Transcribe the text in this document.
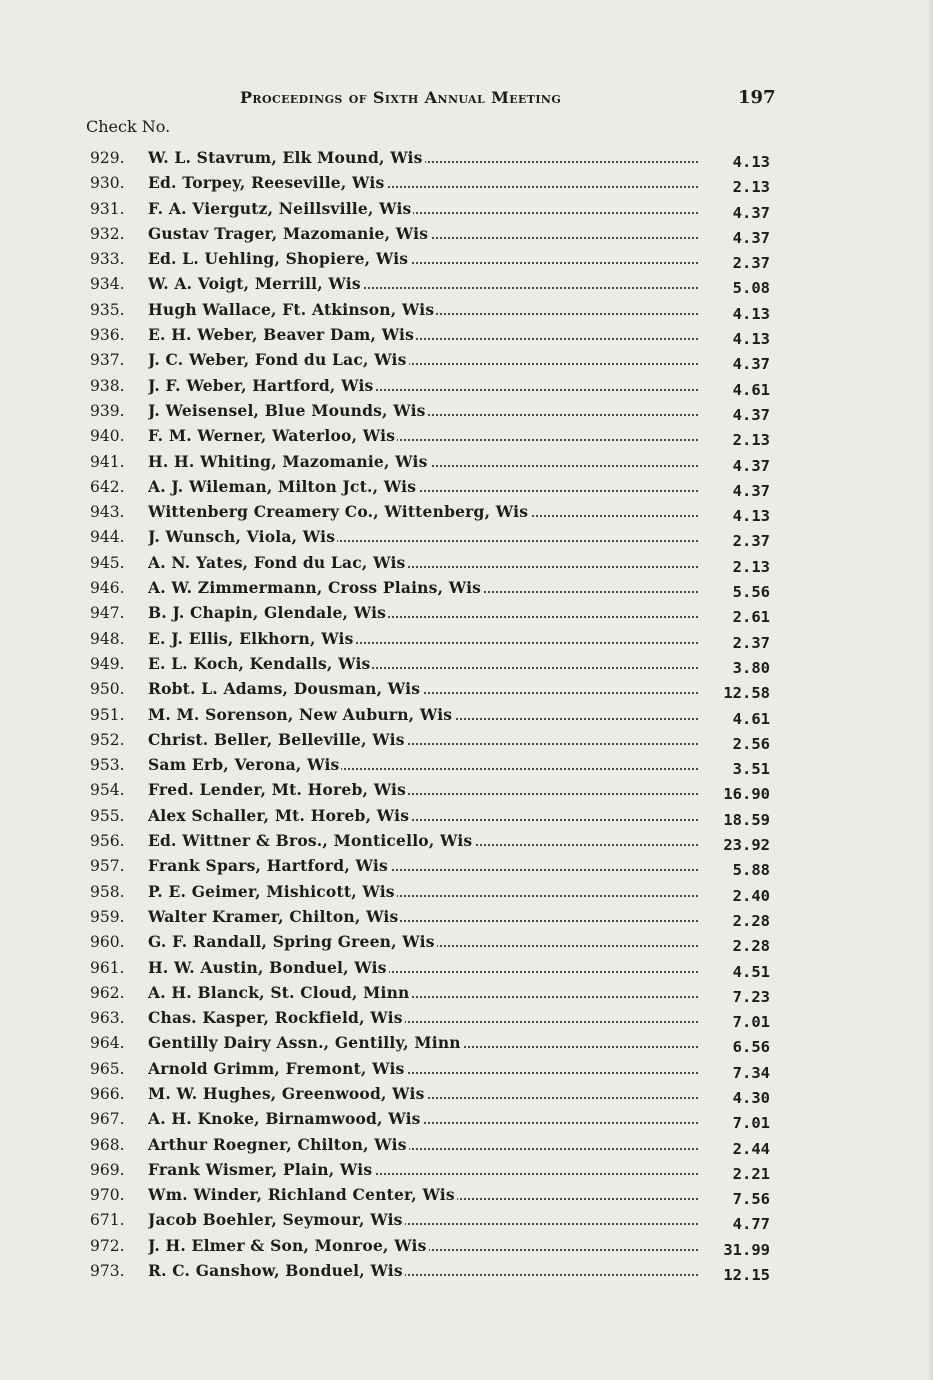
Proceedings of Sixth Annual Meeting	197
Check No.
929. W. L. Stavrum, Elk Mound, Wis	4.13
930. Ed. Torpey, Reeseville, Wis	2.13
931. F. A. Viergutz, Neillsville, Wis	4.37
932. Gustav Trager, Mazomanie, Wis	4.37
933. Ed. L. Uehling, Shopiere, Wis	2.37
934. W. A. Voigt, Merrill, Wis	5.08
935. Hugh Wallace, Ft. Atkinson, Wis	4.13
936. E. H. Weber, Beaver Dam, Wis	4.13
937. J. C. Weber, Fond du Lac, Wis	4.37
938. J. F. Weber, Hartford, Wis	4.61
939. J. Weisensel, Blue Mounds, Wis	4.37
940. F. M. Werner, Waterloo, Wis	2.13
941. H. H. Whiting, Mazomanie, Wis	4.37
642. A. J. Wileman, Milton Jct., Wis	4.37
943. Wittenberg Creamery Co., Wittenberg, Wis	4.13
944. J. Wunsch, Viola, Wis	2.37
945. A. N. Yates, Fond du Lac, Wis	2.13
946. A. W. Zimmermann, Cross Plains, Wis	5.56
947. B. J. Chapin, Glendale, Wis	2.61
948. E. J. Ellis, Elkhorn, Wis	2.37
949. E. L. Koch, Kendalls, Wis	3.80
950. Robt. L. Adams, Dousman, Wis	12.58
951. M. M. Sorenson, New Auburn, Wis	4.61
952. Christ. Beller, Belleville, Wis	2.56
953. Sam Erb, Verona, Wis	3.51
954. Fred. Lender, Mt. Horeb, Wis	16.90
955. Alex Schaller, Mt. Horeb, Wis	18.59
956. Ed. Wittner & Bros., Monticello, Wis	23.92
957. Frank Spars, Hartford, Wis	5.88
958. P. E. Geimer, Mishicott, Wis	2.40
959. Walter Kramer, Chilton, Wis	2.28
960. G. F. Randall, Spring Green, Wis	2.28
961. H. W. Austin, Bonduel, Wis	4.51
962. A. H. Blanck, St. Cloud, Minn	7.23
963. Chas. Kasper, Rockfield, Wis	7.01
964. Gentilly Dairy Assn., Gentilly, Minn	6.56
965. Arnold Grimm, Fremont, Wis	7.34
966. M. W. Hughes, Greenwood, Wis	4.30
967. A. H. Knoke, Birnamwood, Wis	7.01
968. Arthur Roegner, Chilton, Wis	2.44
969. Frank Wismer, Plain, Wis	2.21
970. Wm. Winder, Richland Center, Wis	7.56
671. Jacob Boehler, Seymour, Wis	4.77
972. J. H. Elmer & Son, Monroe, Wis	31.99
973. R. C. Ganshow, Bonduel, Wis	12.15
